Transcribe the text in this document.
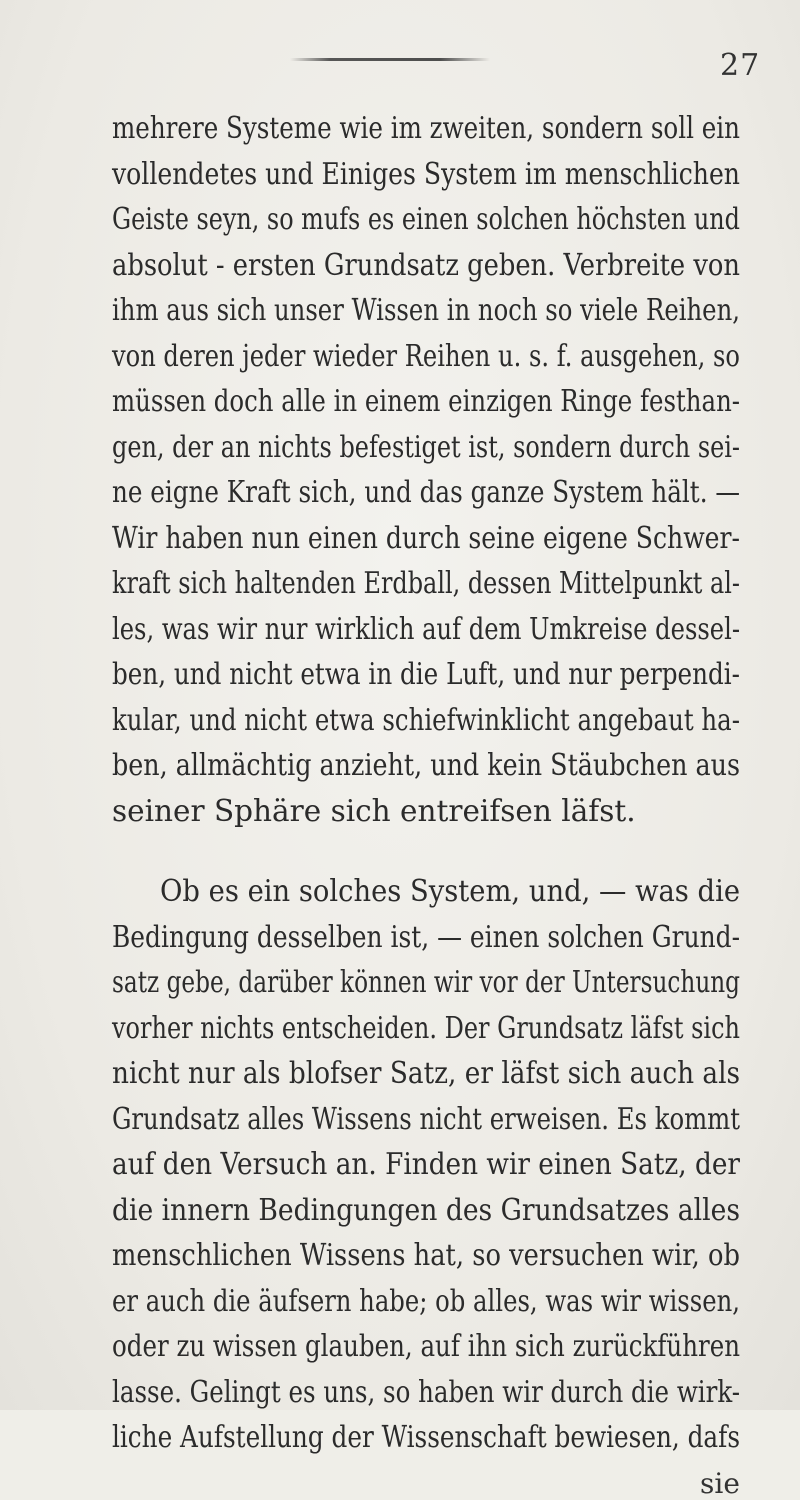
27
mehrere Systeme wie im zweiten, sondern soll ein
vollendetes und Einiges System im menschlichen
Geiste seyn, so mufs es einen solchen höchsten und
absolut - ersten Grundsatz geben. Verbreite von
ihm aus sich unser Wissen in noch so viele Reihen,
von deren jeder wieder Reihen u. s. f. ausgehen, so
müssen doch alle in einem einzigen Ringe festhan-
gen, der an nichts befestiget ist, sondern durch sei-
ne eigne Kraft sich, und das ganze System hält. —
Wir haben nun einen durch seine eigene Schwer-
kraft sich haltenden Erdball, dessen Mittelpunkt al-
les, was wir nur wirklich auf dem Umkreise dessel-
ben, und nicht etwa in die Luft, und nur perpendi-
kular, und nicht etwa schiefwinklicht angebaut ha-
ben, allmächtig anzieht, und kein Stäubchen aus
seiner Sphäre sich entreifsen läfst.
Ob es ein solches System, und, — was die
Bedingung desselben ist, — einen solchen Grund-
satz gebe, darüber können wir vor der Untersuchung
vorher nichts entscheiden. Der Grundsatz läfst sich
nicht nur als blofser Satz, er läfst sich auch als
Grundsatz alles Wissens nicht erweisen. Es kommt
auf den Versuch an. Finden wir einen Satz, der
die innern Bedingungen des Grundsatzes alles
menschlichen Wissens hat, so versuchen wir, ob
er auch die äufsern habe; ob alles, was wir wissen,
oder zu wissen glauben, auf ihn sich zurückführen
lasse. Gelingt es uns, so haben wir durch die wirk-
liche Aufstellung der Wissenschaft bewiesen, dafs
sie
